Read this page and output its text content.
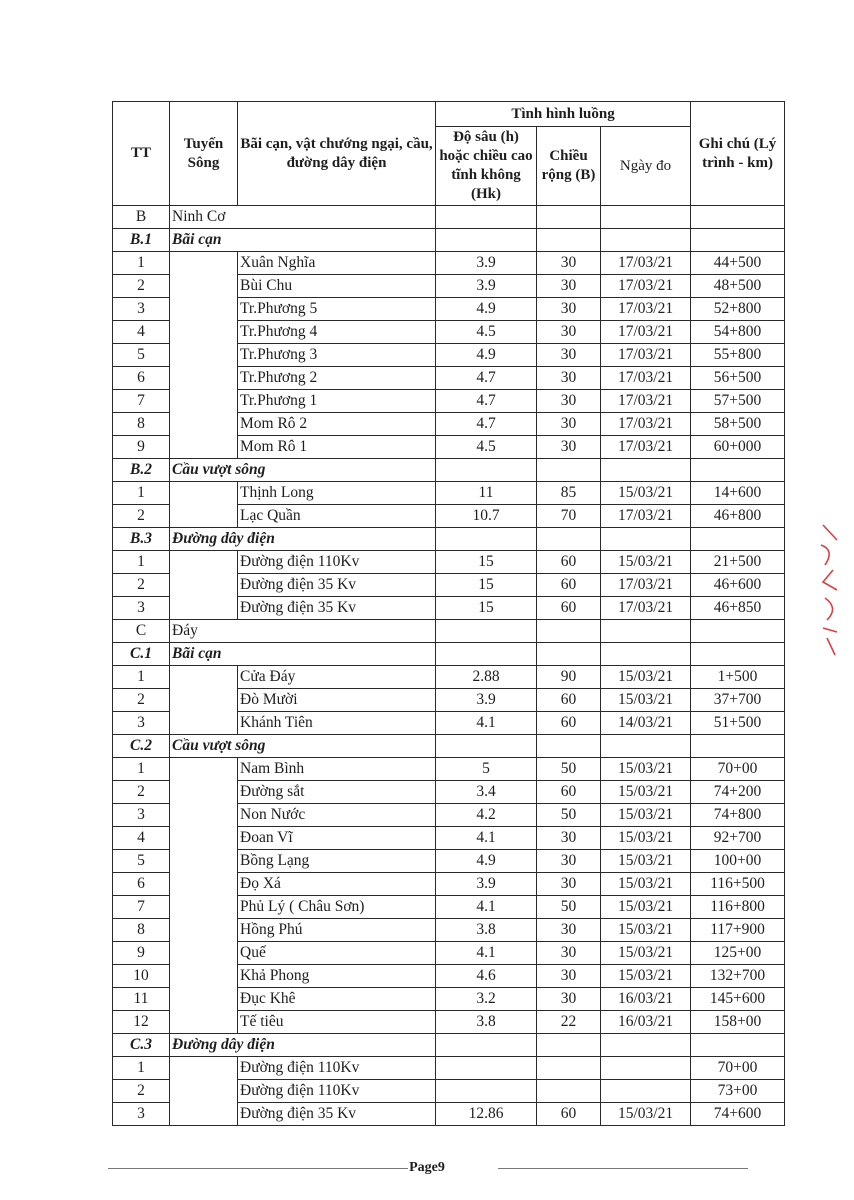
TT	Tuyến Sông	Bãi cạn, vật chướng ngại, cầu, đường dây điện	Tình hình luồng			Ghi chú (Lý trình - km)
			Độ sâu (h) hoặc chiều cao tĩnh không (Hk)	Chiều rộng (B)	Ngày đo	
B	Ninh Cơ					
B.1	Bãi cạn					
1		Xuân Nghĩa	3.9	30	17/03/21	44+500
2		Bùi Chu	3.9	30	17/03/21	48+500
3		Tr.Phương 5	4.9	30	17/03/21	52+800
4		Tr.Phương 4	4.5	30	17/03/21	54+800
5		Tr.Phương 3	4.9	30	17/03/21	55+800
6		Tr.Phương 2	4.7	30	17/03/21	56+500
7		Tr.Phương 1	4.7	30	17/03/21	57+500
8		Mom Rô 2	4.7	30	17/03/21	58+500
9		Mom Rô 1	4.5	30	17/03/21	60+000
B.2	Cầu vượt sông					
1		Thịnh Long	11	85	15/03/21	14+600
2		Lạc Quần	10.7	70	17/03/21	46+800
B.3	Đường dây điện					
1		Đường điện 110Kv	15	60	15/03/21	21+500
2		Đường điện 35 Kv	15	60	17/03/21	46+600
3		Đường điện 35 Kv	15	60	17/03/21	46+850
C	Đáy					
C.1	Bãi cạn					
1		Cửa Đáy	2.88	90	15/03/21	1+500
2		Đò Mười	3.9	60	15/03/21	37+700
3		Khánh Tiên	4.1	60	14/03/21	51+500
C.2	Cầu vượt sông					
1		Nam Bình	5	50	15/03/21	70+00
2		Đường sắt	3.4	60	15/03/21	74+200
3		Non Nước	4.2	50	15/03/21	74+800
4		Đoan Vĩ	4.1	30	15/03/21	92+700
5		Bồng Lạng	4.9	30	15/03/21	100+00
6		Đọ Xá	3.9	30	15/03/21	116+500
7		Phủ Lý ( Châu Sơn)	4.1	50	15/03/21	116+800
8		Hồng Phú	3.8	30	15/03/21	117+900
9		Quế	4.1	30	15/03/21	125+00
10		Khả Phong	4.6	30	15/03/21	132+700
11		Đục Khê	3.2	30	16/03/21	145+600
12		Tế tiêu	3.8	22	16/03/21	158+00
C.3	Đường dây điện					
1		Đường điện 110Kv				70+00
2		Đường điện 110Kv				73+00
3		Đường điện 35 Kv	12.86	60	15/03/21	74+600
Page9
